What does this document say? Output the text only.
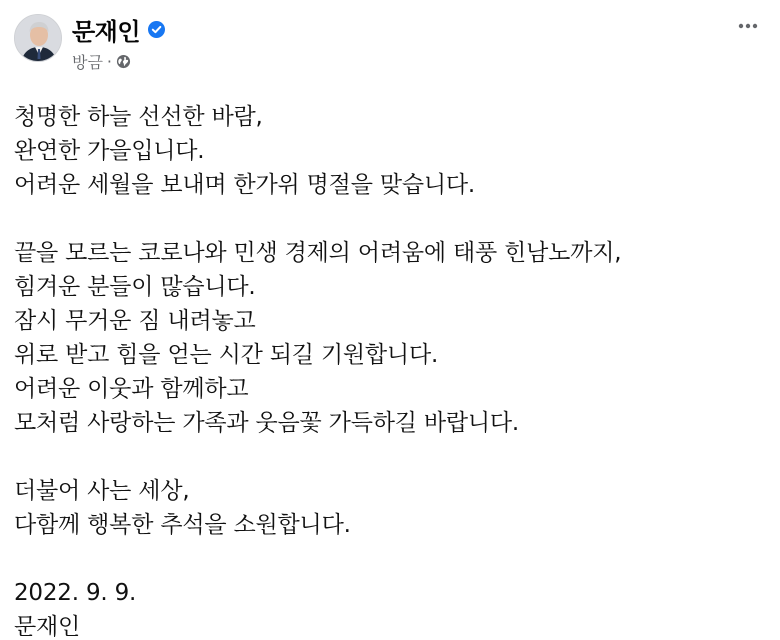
문재인
방금 ·
청명한 하늘 선선한 바람,
완연한 가을입니다.
어려운 세월을 보내며 한가위 명절을 맞습니다.
끝을 모르는 코로나와 민생 경제의 어려움에 태풍 힌남노까지,
힘겨운 분들이 많습니다.
잠시 무거운 짐 내려놓고
위로 받고 힘을 얻는 시간 되길 기원합니다.
어려운 이웃과 함께하고
모처럼 사랑하는 가족과 웃음꽃 가득하길 바랍니다.
더불어 사는 세상,
다함께 행복한 추석을 소원합니다.
2022. 9. 9.
문재인
